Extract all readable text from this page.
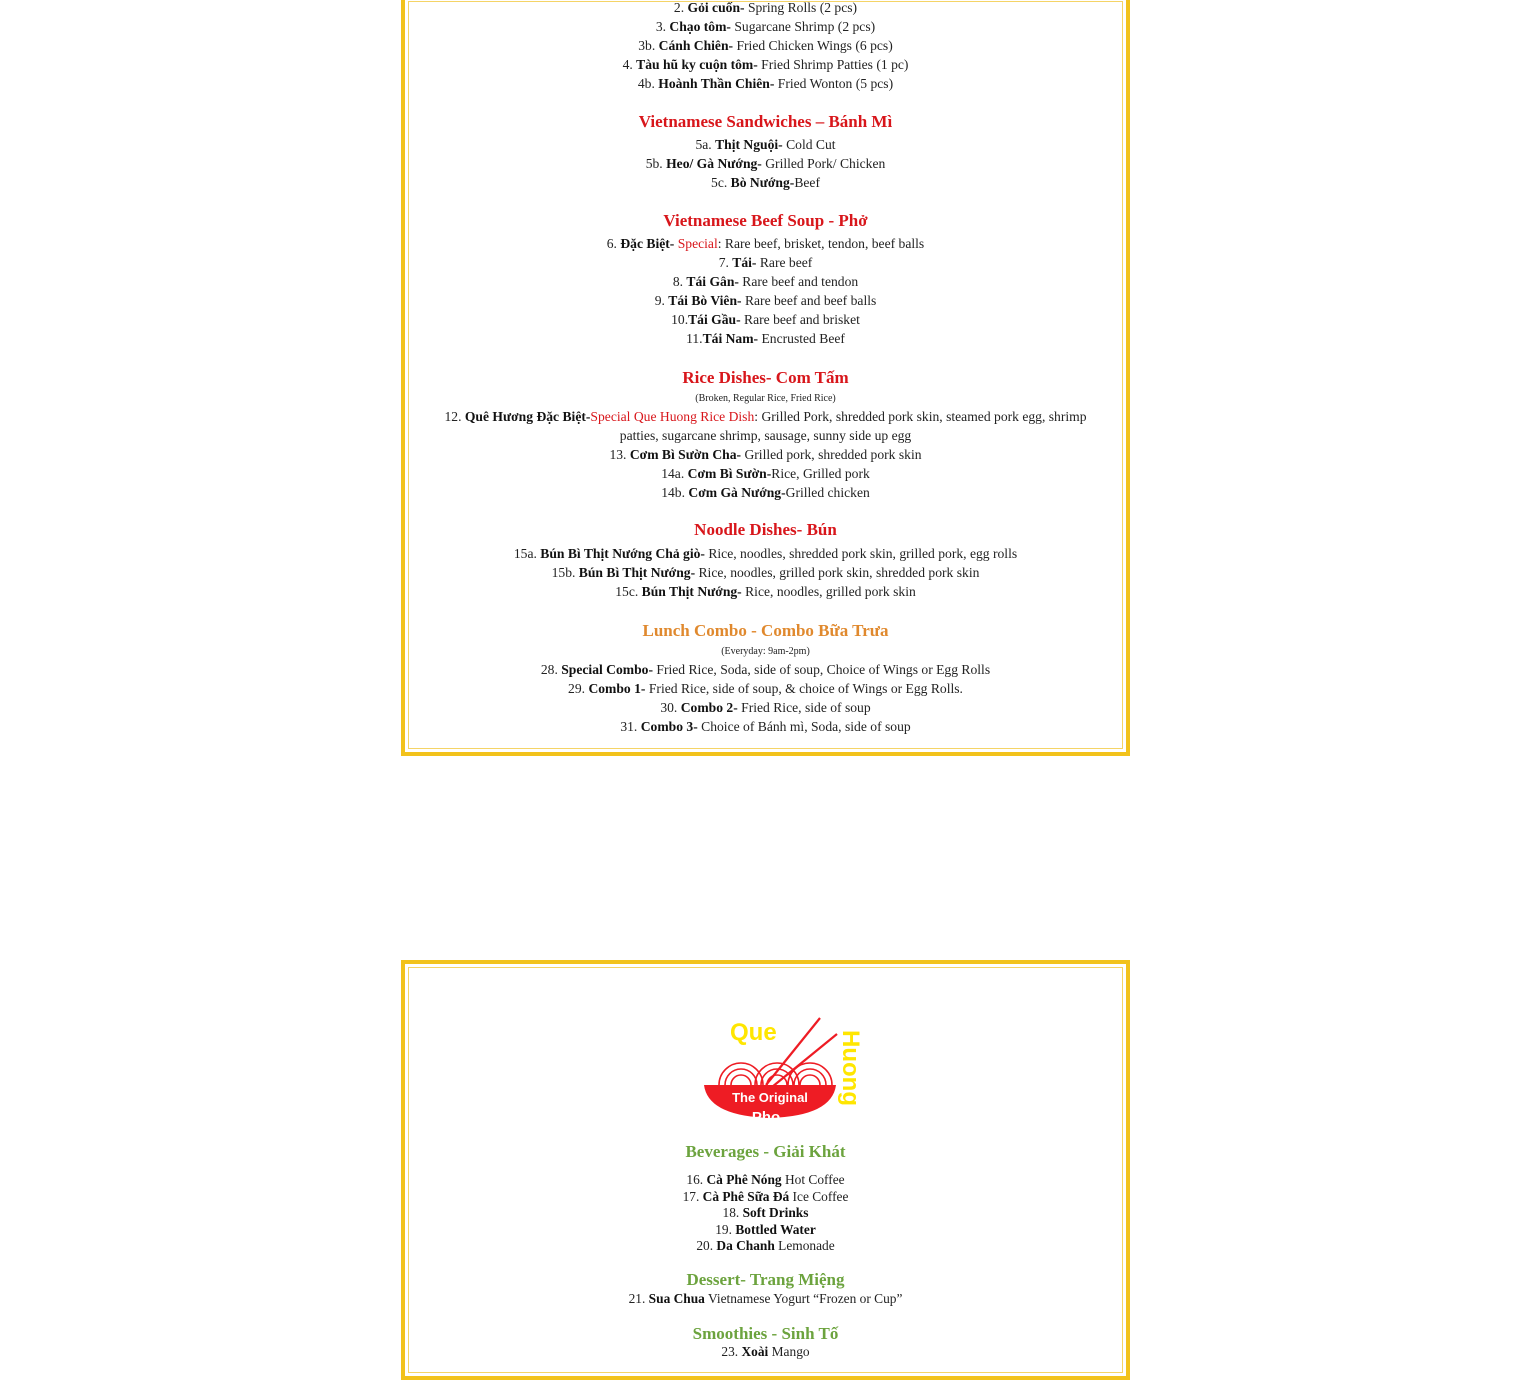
2. Gỏi cuốn- Spring Rolls (2 pcs)
3. Chạo tôm- Sugarcane Shrimp (2 pcs)
3b. Cánh Chiên- Fried Chicken Wings (6 pcs)
4. Tàu hũ ky cuộn tôm- Fried Shrimp Patties (1 pc)
4b. Hoành Thần Chiên- Fried Wonton (5 pcs)
Vietnamese Sandwiches – Bánh Mì
5a. Thịt Nguội- Cold Cut
5b. Heo/ Gà Nướng- Grilled Pork/ Chicken
5c. Bò Nướng-Beef
Vietnamese Beef Soup - Phở
6. Đặc Biệt- Special: Rare beef, brisket, tendon, beef balls
7. Tái- Rare beef
8. Tái Gân- Rare beef and tendon
9. Tái Bò Viên- Rare beef and beef balls
10.Tái Gầu- Rare beef and brisket
11.Tái Nam- Encrusted Beef
Rice Dishes- Com Tấm
(Broken, Regular Rice, Fried Rice)
12. Quê Hương Đặc Biệt-Special Que Huong Rice Dish: Grilled Pork, shredded pork skin, steamed pork egg, shrimp
patties, sugarcane shrimp, sausage, sunny side up egg
13. Cơm Bì Sườn Cha- Grilled pork, shredded pork skin
14a. Cơm Bì Sườn-Rice, Grilled pork
14b. Cơm Gà Nướng-Grilled chicken
Noodle Dishes- Bún
15a. Bún Bì Thịt Nướng Chả giò- Rice, noodles, shredded pork skin, grilled pork, egg rolls
15b. Bún Bì Thịt Nướng- Rice, noodles, grilled pork skin, shredded pork skin
15c. Bún Thịt Nướng- Rice, noodles, grilled pork skin
Lunch Combo - Combo Bữa Trưa
(Everyday: 9am-2pm)
28. Special Combo- Fried Rice, Soda, side of soup, Choice of Wings or Egg Rolls
29. Combo 1- Fried Rice, side of soup, & choice of Wings or Egg Rolls.
30. Combo 2- Fried Rice, side of soup
31. Combo 3- Choice of Bánh mì, Soda, side of soup
Que	Huong
The Original
Pho
Beverages - Giải Khát
16. Cà Phê Nóng Hot Coffee
17. Cà Phê Sữa Đá Ice Coffee
18. Soft Drinks
19. Bottled Water
20. Da Chanh Lemonade
Dessert- Trang Miệng
21. Sua Chua Vietnamese Yogurt “Frozen or Cup”
Smoothies - Sinh Tố
23. Xoài Mango
